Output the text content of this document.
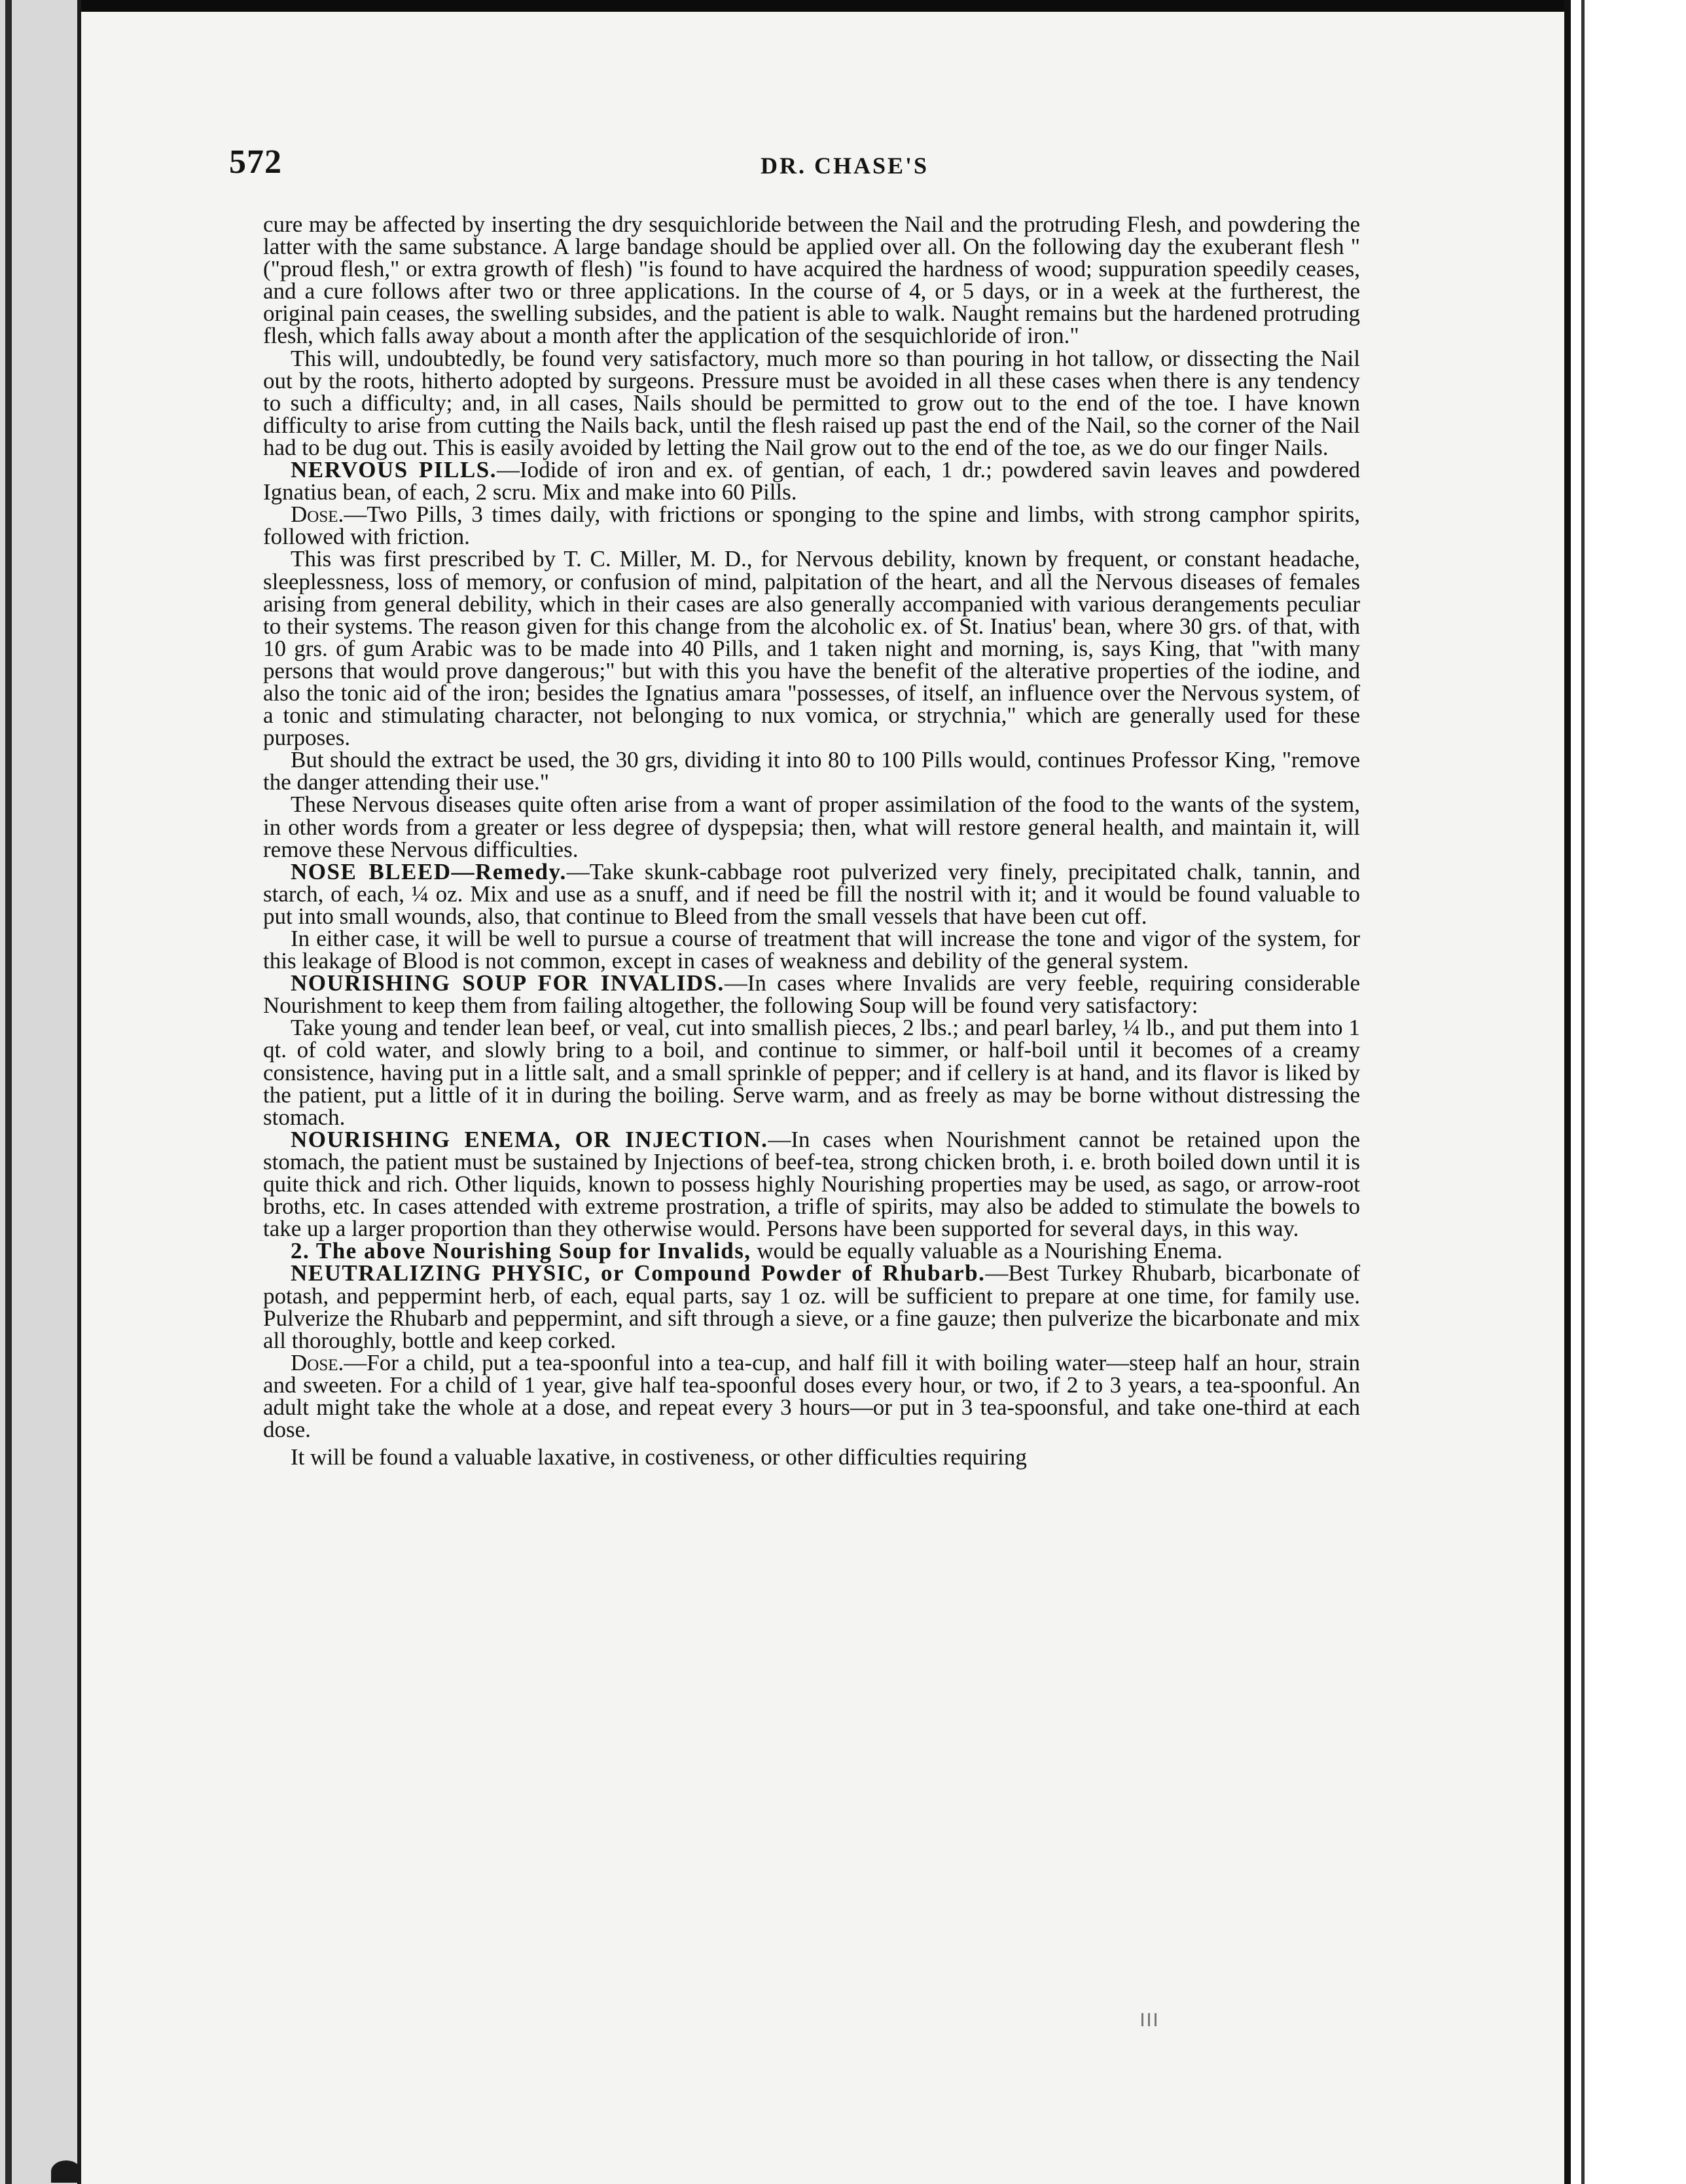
572	DR. CHASE'S

cure may be affected by inserting the dry sesquichloride between the Nail and the protruding Flesh, and powdering the latter with the same substance. A large bandage should be applied over all. On the following day the exuberant flesh " ("proud flesh," or extra growth of flesh) "is found to have acquired the hardness of wood; suppuration speedily ceases, and a cure follows after two or three applications. In the course of 4, or 5 days, or in a week at the furtherest, the original pain ceases, the swelling subsides, and the patient is able to walk. Naught remains but the hardened protruding flesh, which falls away about a month after the application of the sesquichloride of iron."

This will, undoubtedly, be found very satisfactory, much more so than pouring in hot tallow, or dissecting the Nail out by the roots, hitherto adopted by surgeons. Pressure must be avoided in all these cases when there is any tendency to such a difficulty; and, in all cases, Nails should be permitted to grow out to the end of the toe. I have known difficulty to arise from cutting the Nails back, until the flesh raised up past the end of the Nail, so the corner of the Nail had to be dug out. This is easily avoided by letting the Nail grow out to the end of the toe, as we do our finger Nails.

NERVOUS PILLS.—Iodide of iron and ex. of gentian, of each, 1 dr.; powdered savin leaves and powdered Ignatius bean, of each, 2 scru. Mix and make into 60 Pills.

Dose.—Two Pills, 3 times daily, with frictions or sponging to the spine and limbs, with strong camphor spirits, followed with friction.

This was first prescribed by T. C. Miller, M. D., for Nervous debility, known by frequent, or constant headache, sleeplessness, loss of memory, or confusion of mind, palpitation of the heart, and all the Nervous diseases of females arising from general debility, which in their cases are also generally accompanied with various derangements peculiar to their systems. The reason given for this change from the alcoholic ex. of St. Inatius' bean, where 30 grs. of that, with 10 grs. of gum Arabic was to be made into 40 Pills, and 1 taken night and morning, is, says King, that "with many persons that would prove dangerous;" but with this you have the benefit of the alterative properties of the iodine, and also the tonic aid of the iron; besides the Ignatius amara "possesses, of itself, an influence over the Nervous system, of a tonic and stimulating character, not belonging to nux vomica, or strychnia," which are generally used for these purposes.

But should the extract be used, the 30 grs, dividing it into 80 to 100 Pills would, continues Professor King, "remove the danger attending their use."

These Nervous diseases quite often arise from a want of proper assimilation of the food to the wants of the system, in other words from a greater or less degree of dyspepsia; then, what will restore general health, and maintain it, will remove these Nervous difficulties.

NOSE BLEED—Remedy.—Take skunk-cabbage root pulverized very finely, precipitated chalk, tannin, and starch, of each, ¼ oz. Mix and use as a snuff, and if need be fill the nostril with it; and it would be found valuable to put into small wounds, also, that continue to Bleed from the small vessels that have been cut off.

In either case, it will be well to pursue a course of treatment that will increase the tone and vigor of the system, for this leakage of Blood is not common, except in cases of weakness and debility of the general system.

NOURISHING SOUP FOR INVALIDS.—In cases where Invalids are very feeble, requiring considerable Nourishment to keep them from failing altogether, the following Soup will be found very satisfactory:

Take young and tender lean beef, or veal, cut into smallish pieces, 2 lbs.; and pearl barley, ¼ lb., and put them into 1 qt. of cold water, and slowly bring to a boil, and continue to simmer, or half-boil until it becomes of a creamy consistence, having put in a little salt, and a small sprinkle of pepper; and if cellery is at hand, and its flavor is liked by the patient, put a little of it in during the boiling. Serve warm, and as freely as may be borne without distressing the stomach.

NOURISHING ENEMA, OR INJECTION.—In cases when Nourishment cannot be retained upon the stomach, the patient must be sustained by Injections of beef-tea, strong chicken broth, i. e. broth boiled down until it is quite thick and rich. Other liquids, known to possess highly Nourishing properties may be used, as sago, or arrow-root broths, etc. In cases attended with extreme prostration, a trifle of spirits, may also be added to stimulate the bowels to take up a larger proportion than they otherwise would. Persons have been supported for several days, in this way.

2. The above Nourishing Soup for Invalids, would be equally valuable as a Nourishing Enema.

NEUTRALIZING PHYSIC, or Compound Powder of Rhubarb.—Best Turkey Rhubarb, bicarbonate of potash, and peppermint herb, of each, equal parts, say 1 oz. will be sufficient to prepare at one time, for family use. Pulverize the Rhubarb and peppermint, and sift through a sieve, or a fine gauze; then pulverize the bicarbonate and mix all thoroughly, bottle and keep corked.

Dose.—For a child, put a tea-spoonful into a tea-cup, and half fill it with boiling water—steep half an hour, strain and sweeten. For a child of 1 year, give half tea-spoonful doses every hour, or two, if 2 to 3 years, a tea-spoonful. An adult might take the whole at a dose, and repeat every 3 hours—or put in 3 tea-spoonsful, and take one-third at each dose.

It will be found a valuable laxative, in costiveness, or other difficulties requiring
